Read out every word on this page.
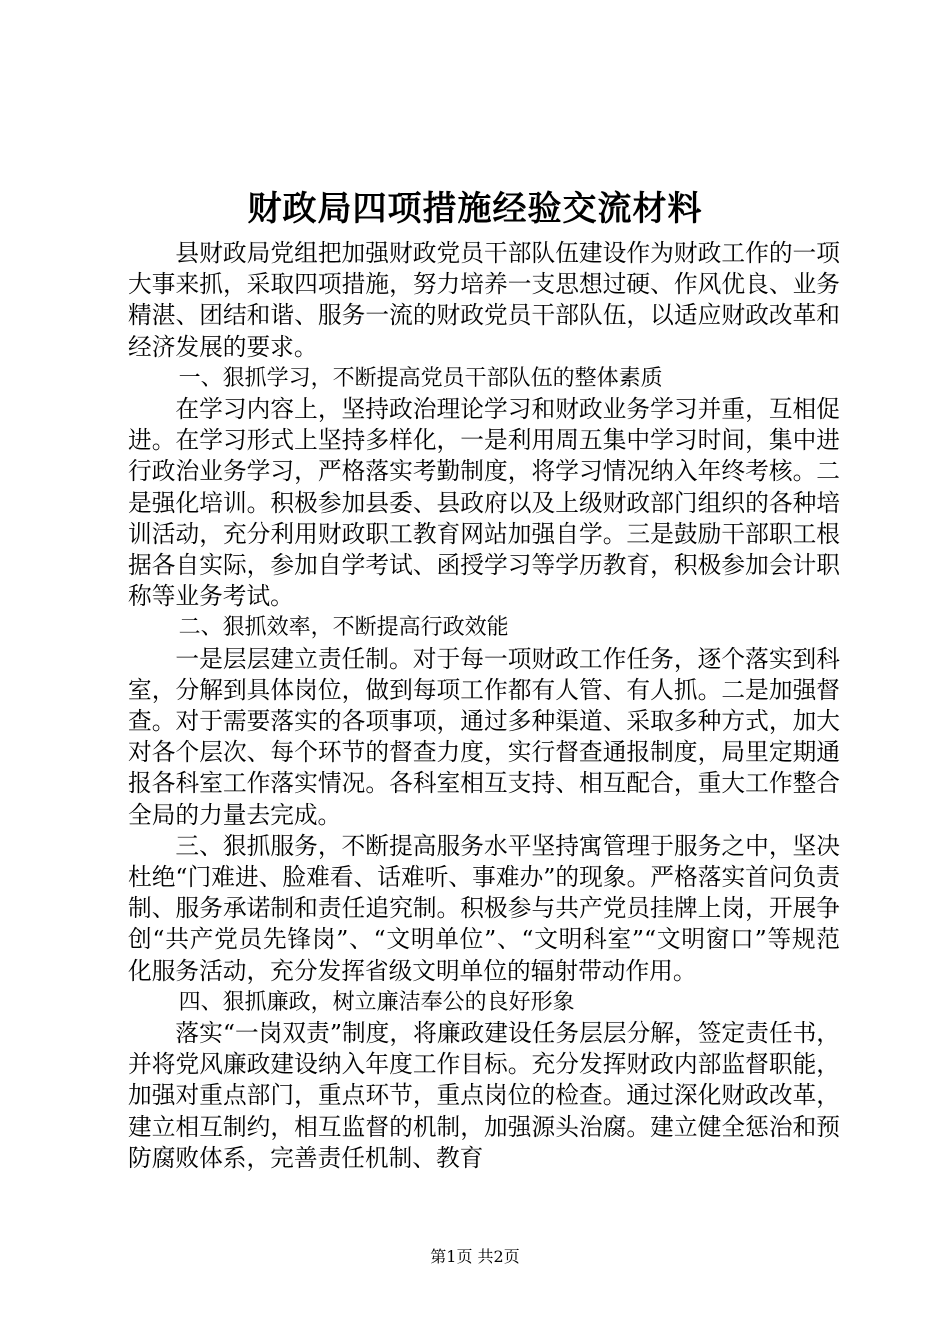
财政局四项措施经验交流材料

县财政局党组把加强财政党员干部队伍建设作为财政工作的一项大事来抓，采取四项措施，努力培养一支思想过硬、作风优良、业务精湛、团结和谐、服务一流的财政党员干部队伍，以适应财政改革和经济发展的要求。

一、狠抓学习，不断提高党员干部队伍的整体素质

在学习内容上，坚持政治理论学习和财政业务学习并重，互相促进。在学习形式上坚持多样化，一是利用周五集中学习时间，集中进行政治业务学习，严格落实考勤制度，将学习情况纳入年终考核。二是强化培训。积极参加县委、县政府以及上级财政部门组织的各种培训活动，充分利用财政职工教育网站加强自学。三是鼓励干部职工根据各自实际，参加自学考试、函授学习等学历教育，积极参加会计职称等业务考试。

二、狠抓效率，不断提高行政效能

一是层层建立责任制。对于每一项财政工作任务，逐个落实到科室，分解到具体岗位，做到每项工作都有人管、有人抓。二是加强督查。对于需要落实的各项事项，通过多种渠道、采取多种方式，加大对各个层次、每个环节的督查力度，实行督查通报制度，局里定期通报各科室工作落实情况。各科室相互支持、相互配合，重大工作整合全局的力量去完成。

三、狠抓服务，不断提高服务水平坚持寓管理于服务之中，坚决杜绝“门难进、脸难看、话难听、事难办”的现象。严格落实首问负责制、服务承诺制和责任追究制。积极参与共产党员挂牌上岗，开展争创“共产党员先锋岗”、“文明单位”、“文明科室”“文明窗口”等规范化服务活动，充分发挥省级文明单位的辐射带动作用。

四、狠抓廉政，树立廉洁奉公的良好形象

落实“一岗双责”制度，将廉政建设任务层层分解，签定责任书，并将党风廉政建设纳入年度工作目标。充分发挥财政内部监督职能，加强对重点部门，重点环节，重点岗位的检查。通过深化财政改革，建立相互制约，相互监督的机制，加强源头治腐。建立健全惩治和预防腐败体系，完善责任机制、教育

第1页 共2页
